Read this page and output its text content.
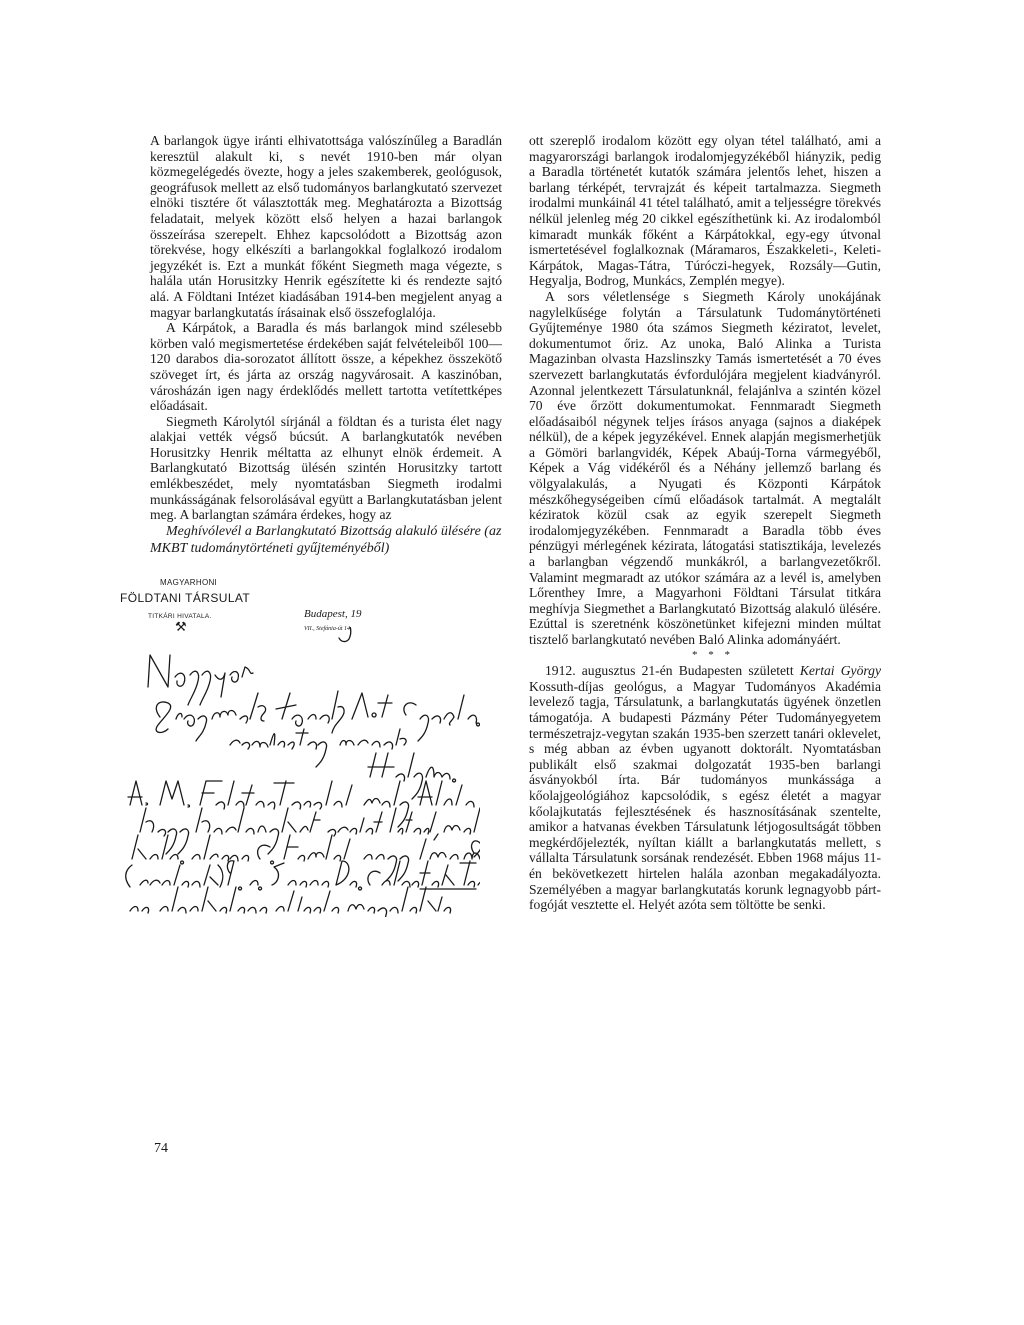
A barlangok ügye iránti elhivatottsága valószínűleg a Baradlán keresztül alakult ki, s nevét 1910-ben már olyan közmegelégedés övezte, hogy a jeles szakemberek, geológusok, geográfusok mellett az első tudományos barlangkutató szervezet elnöki tisztére őt választották meg. Meghatározta a Bizottság feladatait, melyek között első helyen a hazai barlangok összeírása szerepelt. Ehhez kapcsolódott a Bizottság azon törekvése, hogy elkészíti a barlangokkal foglalkozó irodalom jegyzékét is. Ezt a munkát főként Siegmeth maga végezte, s halála után Horusitzky Henrik egészítette ki és rendezte sajtó alá. A Földtani Intézet kiadásában 1914-ben megjelent anyag a magyar barlangkutatás írásainak első összefoglalója.

A Kárpátok, a Baradla és más barlangok mind szélesebb körben való megismertetése érdekében saját felvételeiből 100—120 darabos dia-sorozatot állított össze, a képekhez összekötő szöveget írt, és járta az ország nagyvárosait. A kaszinóban, városházán igen nagy érdeklődés mellett tartotta vetítettképes előadásait.

Siegmeth Károlytól sírjánál a földtan és a turista élet nagy alakjai vették végső búcsút. A barlangkutatók nevében Horusitzky Henrik méltatta az elhunyt elnök érdemeit. A Barlangkutató Bizottság ülésén szintén Horusitzky tartott emlékbeszédet, mely nyomtatásban Siegmeth irodalmi munkásságának felsorolásával együtt a Barlangkutatásban jelent meg. A barlangtan számára érdekes, hogy az

Meghívólevél a Barlangkutató Bizottság alakuló ülésére (az MKBT tudománytörténeti gyűjteményéből)

MAGYARHONI
FÖLDTANI TÁRSULAT
TITKÁRI HIVATALA.
⚒
Budapest, 19
VII., Stefánia-út 14.

ott szereplő irodalom között egy olyan tétel található, ami a magyarországi barlangok irodalomjegyzékéből hiányzik, pedig a Baradla történetét kutatók számára jelentős lehet, hiszen a barlang térképét, tervrajzát és képeit tartalmazza. Siegmeth irodalmi munkáinál 41 tétel található, amit a teljességre törekvés nélkül jelenleg még 20 cikkel egészíthetünk ki. Az irodalomból kimaradt munkák főként a Kárpátokkal, egy-egy útvonal ismertetésével foglalkoznak (Máramaros, Északkeleti-, Keleti-Kárpátok, Magas-Tátra, Túróczi-hegyek, Rozsály—Gutin, Hegyalja, Bodrog, Munkács, Zemplén megye).

A sors véletlensége s Siegmeth Károly unokájának nagylelkűsége folytán a Társulatunk Tudománytörténeti Gyűjteménye 1980 óta számos Siegmeth kéziratot, levelet, dokumentumot őriz. Az unoka, Baló Alinka a Turista Magazinban olvasta Hazslinszky Tamás ismertetését a 70 éves szervezett barlangkutatás évfordulójára megjelent kiadványról. Azonnal jelentkezett Társulatunknál, felajánlva a szintén közel 70 éve őrzött dokumentumokat. Fennmaradt Siegmeth előadásaiból négynek teljes írásos anyaga (sajnos a diaképek nélkül), de a képek jegyzékével. Ennek alapján megismerhetjük a Gömöri barlangvidék, Képek Abaúj-Torna vármegyéből, Képek a Vág vidékéről és a Néhány jellemző barlang és völgyalakulás, a Nyugati és Központi Kárpátok mészkőhegységeiben című előadások tartalmát. A megtalált kéziratok közül csak az egyik szerepelt Siegmeth irodalomjegyzékében. Fennmaradt a Baradla több éves pénzügyi mérlegének kézirata, látogatási statisztikája, levelezés a barlangban végzendő munkákról, a barlangvezetőkről. Valamint megmaradt az utókor számára az a levél is, amelyben Lőrenthey Imre, a Magyarhoni Földtani Társulat titkára meghívja Siegmethet a Barlangkutató Bizottság alakuló ülésére. Ezúttal is szeretnénk köszönetünket kifejezni minden múltat tisztelő barlangkutató nevében Baló Alinka adományáért.

* * *

1912. augusztus 21-én Budapesten született Kertai György Kossuth-díjas geológus, a Magyar Tudományos Akadémia levelező tagja, Társulatunk, a barlangkutatás ügyének önzetlen támogatója. A budapesti Pázmány Péter Tudományegyetem természetrajz-vegytan szakán 1935-ben szerzett tanári oklevelet, s még abban az évben ugyanott doktorált. Nyomtatásban publikált első szakmai dolgozatát 1935-ben barlangi ásványokból írta. Bár tudományos munkássága a kőolajgeológiához kapcsolódik, s egész életét a magyar kőolajkutatás fejlesztésének és hasznosításának szentelte, amikor a hatvanas években Társulatunk létjogosultságát többen megkérdőjelezték, nyíltan kiállt a barlangkutatás mellett, s vállalta Társulatunk sorsának rendezését. Ebben 1968 május 11-én bekövetkezett hirtelen halála azonban megakadályozta. Személyében a magyar barlangkutatás korunk legnagyobb pártfogóját vesztette el. Helyét azóta sem töltötte be senki.

74
